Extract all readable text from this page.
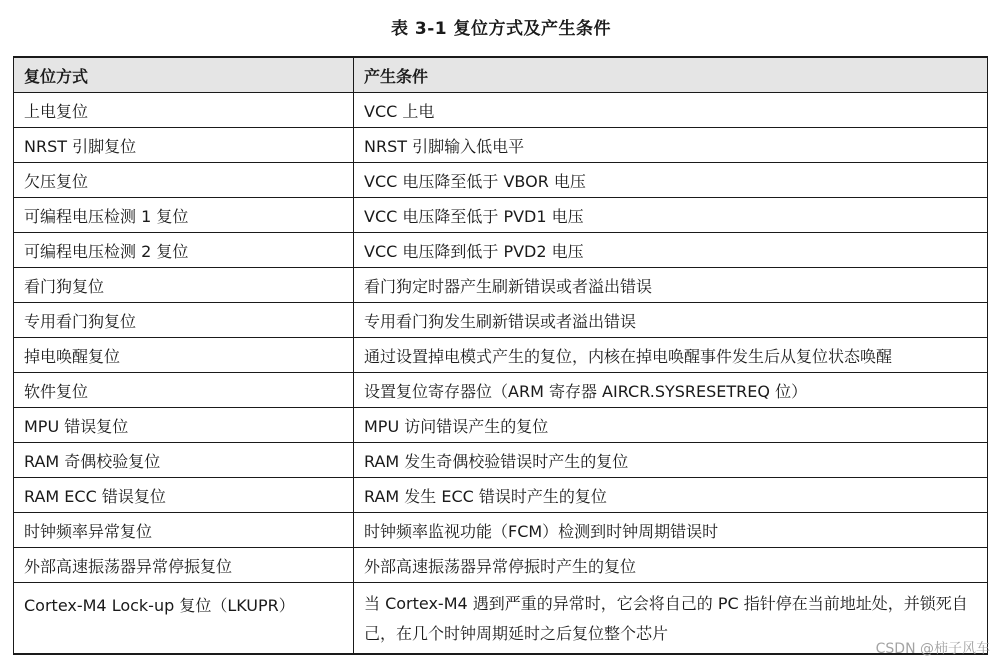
表 3-1 复位方式及产生条件
复位方式	产生条件
上电复位	VCC 上电
NRST 引脚复位	NRST 引脚输入低电平
欠压复位	VCC 电压降至低于 VBOR 电压
可编程电压检测 1 复位	VCC 电压降至低于 PVD1 电压
可编程电压检测 2 复位	VCC 电压降到低于 PVD2 电压
看门狗复位	看门狗定时器产生刷新错误或者溢出错误
专用看门狗复位	专用看门狗发生刷新错误或者溢出错误
掉电唤醒复位	通过设置掉电模式产生的复位，内核在掉电唤醒事件发生后从复位状态唤醒
软件复位	设置复位寄存器位（ARM 寄存器 AIRCR.SYSRESETREQ 位）
MPU 错误复位	MPU 访问错误产生的复位
RAM 奇偶校验复位	RAM 发生奇偶校验错误时产生的复位
RAM ECC 错误复位	RAM 发生 ECC 错误时产生的复位
时钟频率异常复位	时钟频率监视功能（FCM）检测到时钟周期错误时
外部高速振荡器异常停振复位	外部高速振荡器异常停振时产生的复位
Cortex-M4 Lock-up 复位（LKUPR）	当 Cortex-M4 遇到严重的异常时，它会将自己的 PC 指针停在当前地址处，并锁死自己，在几个时钟周期延时之后复位整个芯片
CSDN @柿子风车
